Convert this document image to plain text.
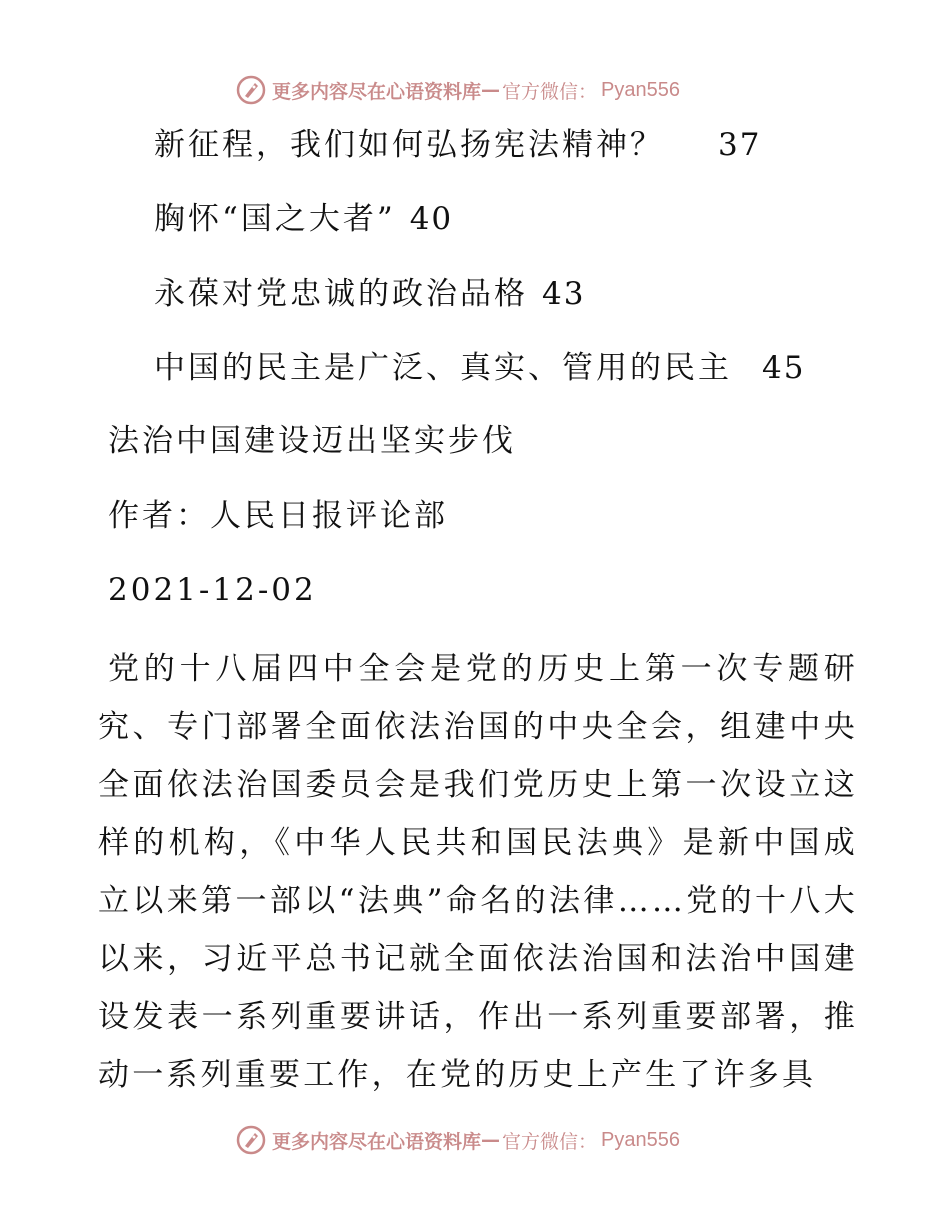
更多内容尽在心语资料库 — 官方微信： Pyan556
新征程，我们如何弘扬宪法精神？ 37
胸怀“国之大者” 40
永葆对党忠诚的政治品格 43
中国的民主是广泛、真实、管用的民主 45
法治中国建设迈出坚实步伐
作者：人民日报评论部
2021-12-02
党的十八届四中全会是党的历史上第一次专题研究、专门部署全面依法治国的中央全会，组建中央全面依法治国委员会是我们党历史上第一次设立这样的机构，《中华人民共和国民法典》是新中国成立以来第一部以“法典”命名的法律……党的十八大以来，习近平总书记就全面依法治国和法治中国建设发表一系列重要讲话，作出一系列重要部署，推动一系列重要工作，在党的历史上产生了许多具
更多内容尽在心语资料库 — 官方微信： Pyan556
